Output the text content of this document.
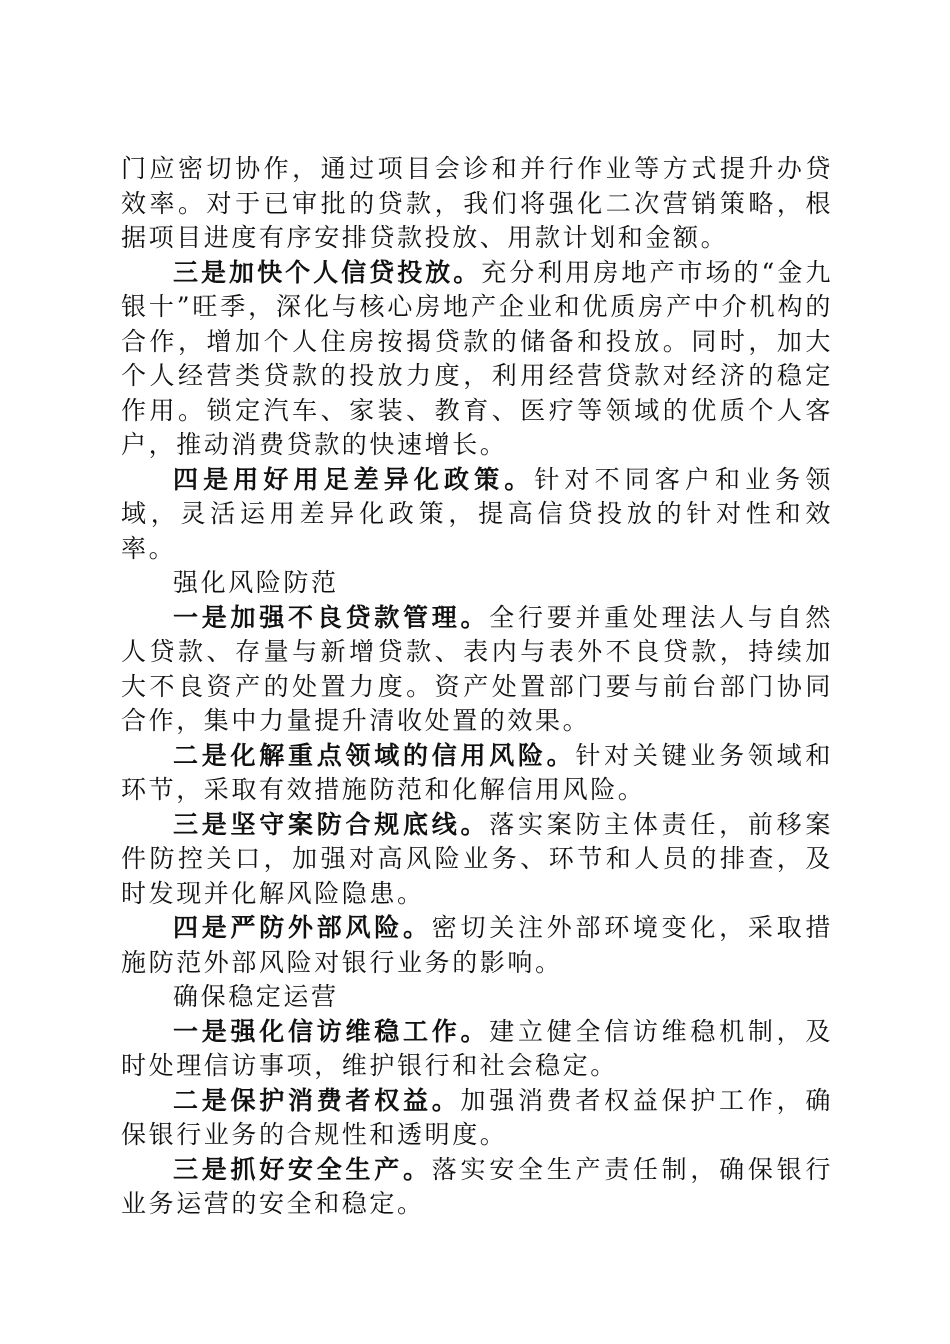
门应密切协作，通过项目会诊和并行作业等方式提升办贷效率。对于已审批的贷款，我们将强化二次营销策略，根据项目进度有序安排贷款投放、用款计划和金额。

三是加快个人信贷投放。充分利用房地产市场的“金九银十”旺季，深化与核心房地产企业和优质房产中介机构的合作，增加个人住房按揭贷款的储备和投放。同时，加大个人经营类贷款的投放力度，利用经营贷款对经济的稳定作用。锁定汽车、家装、教育、医疗等领域的优质个人客户，推动消费贷款的快速增长。

四是用好用足差异化政策。针对不同客户和业务领域，灵活运用差异化政策，提高信贷投放的针对性和效率。

强化风险防范

一是加强不良贷款管理。全行要并重处理法人与自然人贷款、存量与新增贷款、表内与表外不良贷款，持续加大不良资产的处置力度。资产处置部门要与前台部门协同合作，集中力量提升清收处置的效果。

二是化解重点领域的信用风险。针对关键业务领域和环节，采取有效措施防范和化解信用风险。

三是坚守案防合规底线。落实案防主体责任，前移案件防控关口，加强对高风险业务、环节和人员的排查，及时发现并化解风险隐患。

四是严防外部风险。密切关注外部环境变化，采取措施防范外部风险对银行业务的影响。

确保稳定运营

一是强化信访维稳工作。建立健全信访维稳机制，及时处理信访事项，维护银行和社会稳定。

二是保护消费者权益。加强消费者权益保护工作，确保银行业务的合规性和透明度。

三是抓好安全生产。落实安全生产责任制，确保银行业务运营的安全和稳定。
